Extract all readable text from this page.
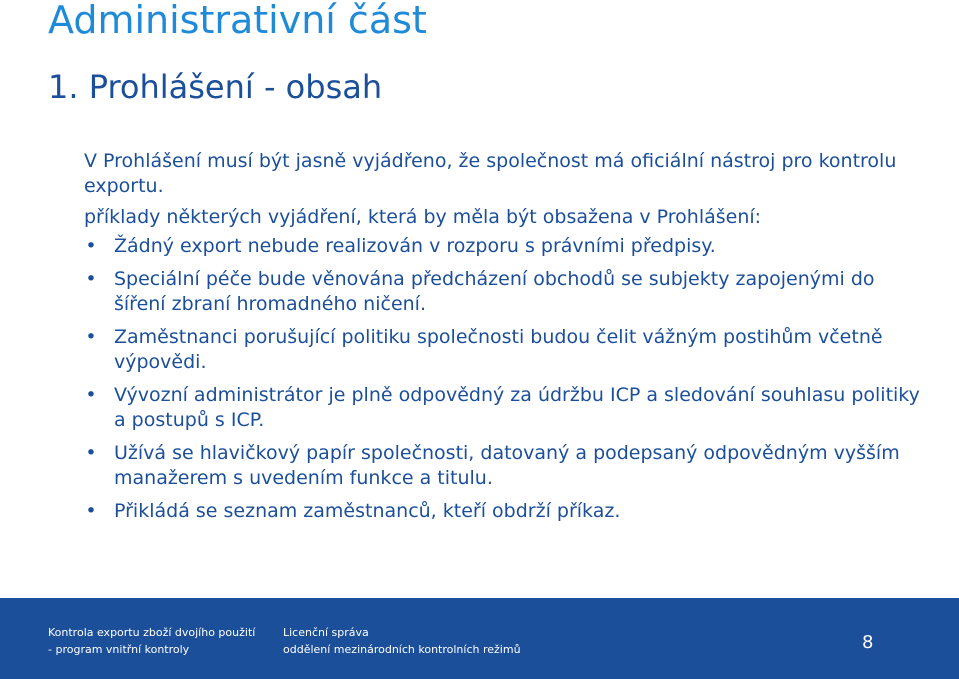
Administrativní část
1. Prohlášení - obsah

V Prohlášení musí být jasně vyjádřeno, že společnost má oficiální nástroj pro kontrolu exportu.

příklady některých vyjádření, která by měla být obsažena v Prohlášení:

• Žádný export nebude realizován v rozporu s právními předpisy.
• Speciální péče bude věnována předcházení obchodů se subjekty zapojenými do šíření zbraní hromadného ničení.
• Zaměstnanci porušující politiku společnosti budou čelit vážným postihům včetně výpovědi.
• Vývozní administrátor je plně odpovědný za údržbu ICP a sledování souhlasu politiky a postupů s ICP.
• Užívá se hlavičkový papír společnosti, datovaný a podepsaný odpovědným vyšším manažerem s uvedením funkce a titulu.
• Přikládá se seznam zaměstnanců, kteří obdrží příkaz.
Kontrola exportu zboží dvojího použití
- program vnitřní kontroly
Licenční správa
oddělení mezinárodních kontrolních režimů	8
